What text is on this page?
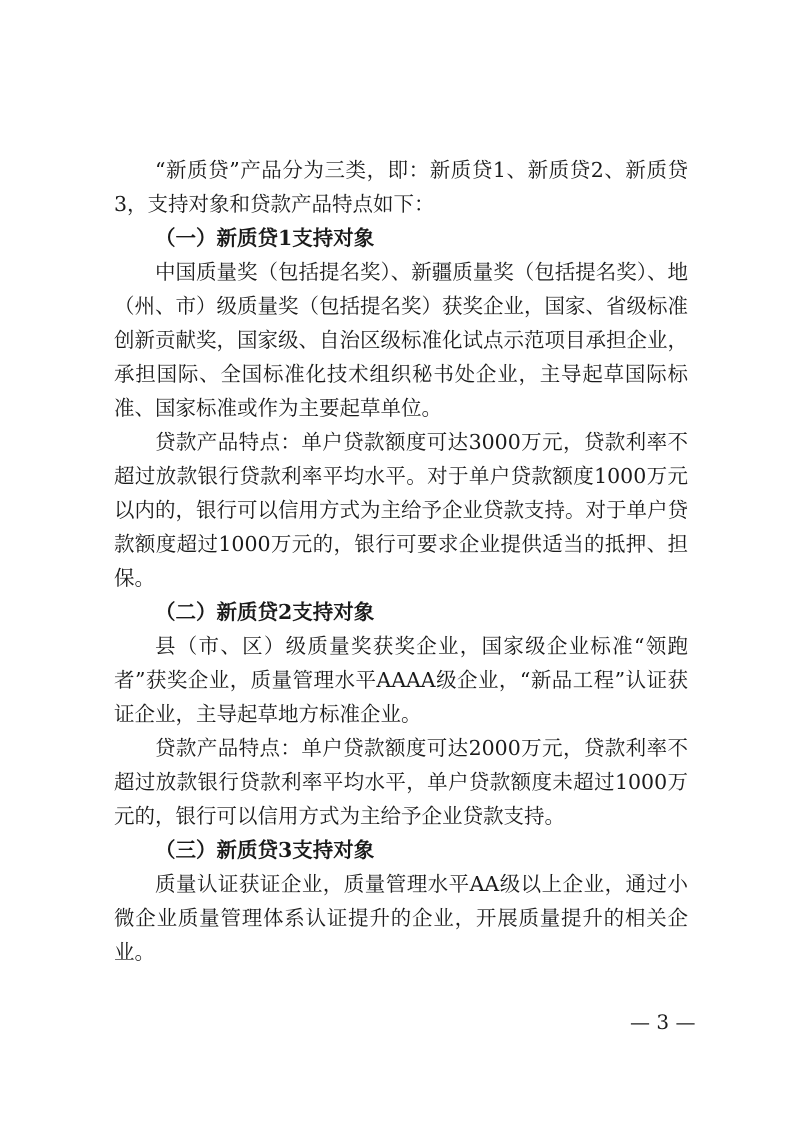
“新质贷”产品分为三类，即：新质贷1、新质贷2、新质贷3，支持对象和贷款产品特点如下：

（一）新质贷1支持对象

中国质量奖（包括提名奖）、新疆质量奖（包括提名奖）、地（州、市）级质量奖（包括提名奖）获奖企业，国家、省级标准创新贡献奖，国家级、自治区级标准化试点示范项目承担企业，承担国际、全国标准化技术组织秘书处企业，主导起草国际标准、国家标准或作为主要起草单位。

贷款产品特点：单户贷款额度可达3000万元，贷款利率不超过放款银行贷款利率平均水平。对于单户贷款额度1000万元以内的，银行可以信用方式为主给予企业贷款支持。对于单户贷款额度超过1000万元的，银行可要求企业提供适当的抵押、担保。

（二）新质贷2支持对象

县（市、区）级质量奖获奖企业，国家级企业标准“领跑者”获奖企业，质量管理水平AAAA级企业，“新品工程”认证获证企业，主导起草地方标准企业。

贷款产品特点：单户贷款额度可达2000万元，贷款利率不超过放款银行贷款利率平均水平，单户贷款额度未超过1000万元的，银行可以信用方式为主给予企业贷款支持。

（三）新质贷3支持对象

质量认证获证企业，质量管理水平AA级以上企业，通过小微企业质量管理体系认证提升的企业，开展质量提升的相关企业。

— 3 —
